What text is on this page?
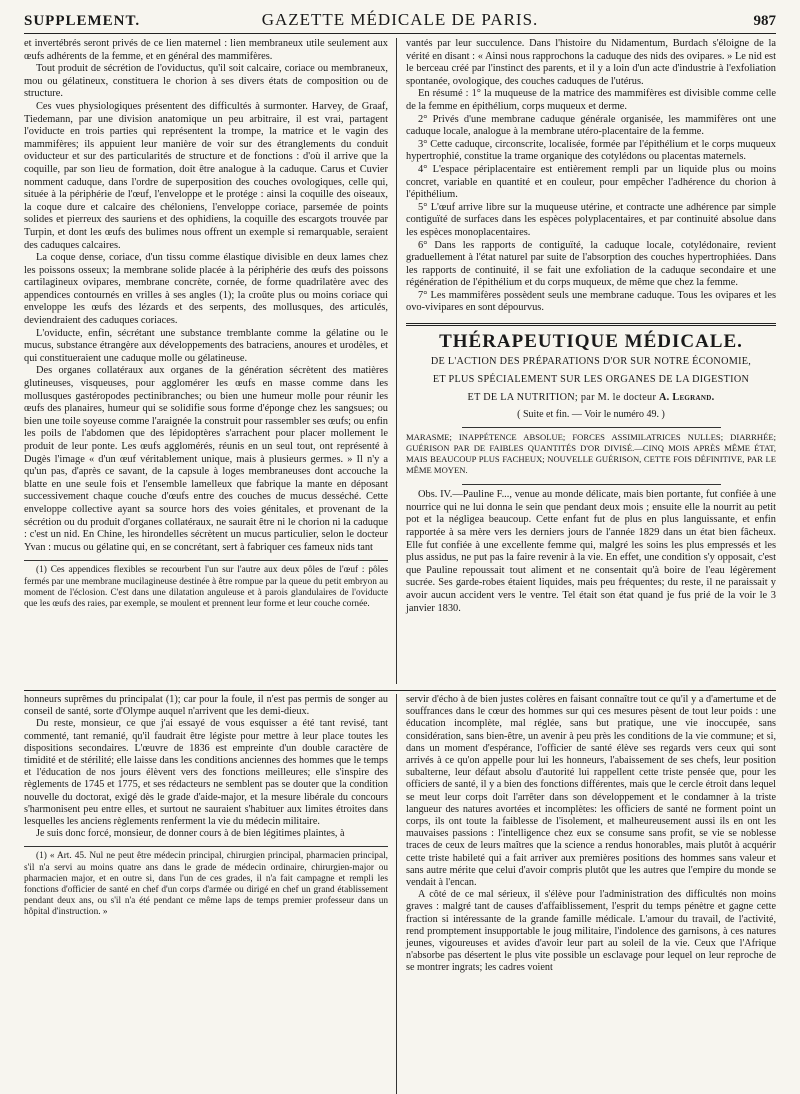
SUPPLEMENT.	GAZETTE MÉDICALE DE PARIS.	987

et invertébrés seront privés de ce lien maternel : lien membraneux utile seulement aux œufs adhérents de la femme, et en général des mammifères.

Tout produit de sécrétion de l'oviductus, qu'il soit calcaire, coriace ou membraneux, mou ou gélatineux, constituera le chorion à ses divers états de composition ou de structure.

Ces vues physiologiques présentent des difficultés à surmonter. Harvey, de Graaf, Tiedemann, par une division anatomique un peu arbitraire, il est vrai, partagent l'oviducte en trois parties qui représentent la trompe, la matrice et le vagin des mammifères; ils appuient leur manière de voir sur des étranglements du conduit oviducteur et sur des particularités de structure et de fonctions : d'où il arrive que la coquille, par son lieu de formation, doit être analogue à la caduque. Carus et Cuvier nomment caduque, dans l'ordre de superposition des couches ovologiques, celle qui, située à la périphérie de l'œuf, l'enveloppe et le protége : ainsi la coquille des oiseaux, la coque dure et calcaire des chéloniens, l'enveloppe coriace, parsemée de points solides et pierreux des sauriens et des ophidiens, la coquille des escargots trouvée par Turpin, et dont les œufs des bulimes nous offrent un exemple si remarquable, seraient des caduques calcaires.

La coque dense, coriace, d'un tissu comme élastique divisible en deux lames chez les poissons osseux; la membrane solide placée à la périphérie des œufs des poissons cartilagineux ovipares, membrane concrète, cornée, de forme quadrilatère avec des appendices contournés en vrilles à ses angles (1); la croûte plus ou moins coriace qui enveloppe les œufs des lézards et des serpents, des mollusques, des articulés, deviendraient des caduques coriaces.

L'oviducte, enfin, sécrétant une substance tremblante comme la gélatine ou le mucus, substance étrangère aux développements des batraciens, anoures et urodèles, et qui constitueraient une caduque molle ou gélatineuse.

Des organes collatéraux aux organes de la génération sécrètent des matières glutineuses, visqueuses, pour agglomérer les œufs en masse comme dans les mollusques gastéropodes pectinibranches; ou bien une humeur molle pour réunir les œufs des planaires, humeur qui se solidifie sous forme d'éponge chez les sangsues; ou bien une toile soyeuse comme l'araignée la construit pour rassembler ses œufs; ou enfin les poils de l'abdomen que des lépidoptères s'arrachent pour placer mollement le produit de leur ponte. Les œufs agglomérés, réunis en un seul tout, ont représenté à Dugès l'image « d'un œuf véritablement unique, mais à plusieurs germes. » Il n'y a qu'un pas, d'après ce savant, de la capsule à loges membraneuses dont accouche la blatte en une seule fois et l'ensemble lamelleux que fabrique la mante en déposant successivement chaque couche d'œufs entre des couches de mucus desséché. Cette enveloppe collective ayant sa source hors des voies génitales, et provenant de la sécrétion ou du produit d'organes collatéraux, ne saurait être ni le chorion ni la caduque : c'est un nid. En Chine, les hirondelles sécrètent un mucus particulier, selon le docteur Yvan : mucus ou gélatine qui, en se concrétant, sert à fabriquer ces fameux nids tant

(1) Ces appendices flexibles se recourbent l'un sur l'autre aux deux pôles de l'œuf : pôles fermés par une membrane mucilagineuse destinée à être rompue par la queue du petit embryon au moment de l'éclosion. C'est dans une dilatation anguleuse et à parois glandulaires de l'oviducte que les œufs des raies, par exemple, se moulent et prennent leur forme et leur couche cornée.

vantés par leur succulence. Dans l'histoire du Nidamentum, Burdach s'éloigne de la vérité en disant : « Ainsi nous rapprochons la caduque des nids des ovipares. » Le nid est le berceau créé par l'instinct des parents, et il y a loin d'un acte d'industrie à l'exfoliation spontanée, ovologique, des couches caduques de l'utérus.

En résumé : 1° la muqueuse de la matrice des mammifères est divisible comme celle de la femme en épithélium, corps muqueux et derme.

2° Privés d'une membrane caduque générale organisée, les mammifères ont une caduque locale, analogue à la membrane utéro-placentaire de la femme.

3° Cette caduque, circonscrite, localisée, formée par l'épithélium et le corps muqueux hypertrophié, constitue la trame organique des cotylédons ou placentas maternels.

4° L'espace périplacentaire est entièrement rempli par un liquide plus ou moins concret, variable en quantité et en couleur, pour empêcher l'adhérence du chorion à l'épithélium.

5° L'œuf arrive libre sur la muqueuse utérine, et contracte une adhérence par simple contiguïté de surfaces dans les espèces polyplacentaires, et par continuité absolue dans les espèces monoplacentaires.

6° Dans les rapports de contiguïté, la caduque locale, cotylédonaire, revient graduellement à l'état naturel par suite de l'absorption des couches hypertrophiées. Dans les rapports de continuité, il se fait une exfoliation de la caduque secondaire et une régénération de l'épithélium et du corps muqueux, de même que chez la femme.

7° Les mammifères possèdent seuls une membrane caduque. Tous les ovipares et les ovo-vivipares en sont dépourvus.

THÉRAPEUTIQUE MÉDICALE.
DE L'ACTION DES PRÉPARATIONS D'OR SUR NOTRE ÉCONOMIE,
ET PLUS SPÉCIALEMENT SUR LES ORGANES DE LA DIGESTION
ET DE LA NUTRITION; par M. le docteur A. Legrand.
( Suite et fin. — Voir le numéro 49. )
MARASME; INAPPÉTENCE ABSOLUE; FORCES ASSIMILATRICES NULLES; DIARRHÉE; GUÉRISON PAR DE FAIBLES QUANTITÉS D'OR DIVISÉ.—CINQ MOIS APRÈS MÊME ÉTAT, MAIS BEAUCOUP PLUS FACHEUX; NOUVELLE GUÉRISON, CETTE FOIS DÉFINITIVE, PAR LE MÊME MOYEN.

Obs. IV.—Pauline F..., venue au monde délicate, mais bien portante, fut confiée à une nourrice qui ne lui donna le sein que pendant deux mois ; ensuite elle la nourrit au petit pot et la négligea beaucoup. Cette enfant fut de plus en plus languissante, et enfin rapportée à sa mère vers les derniers jours de l'année 1829 dans un état bien fâcheux. Elle fut confiée à une excellente femme qui, malgré les soins les plus empressés et les plus assidus, ne put pas la faire revenir à la vie. En effet, une condition s'y opposait, c'est que Pauline repoussait tout aliment et ne consentait qu'à boire de l'eau légèrement sucrée. Ses garde-robes étaient liquides, mais peu fréquentes; du reste, il ne paraissait y avoir aucun accident vers le ventre. Tel était son état quand je fus prié de la voir le 3 janvier 1830.

honneurs suprêmes du principalat (1); car pour la foule, il n'est pas permis de songer au conseil de santé, sorte d'Olympe auquel n'arrivent que les demi-dieux.

Du reste, monsieur, ce que j'ai essayé de vous esquisser a été tant revisé, tant commenté, tant remanié, qu'il faudrait être légiste pour mettre à leur place toutes les dispositions secondaires. L'œuvre de 1836 est empreinte d'un double caractère de timidité et de stérilité; elle laisse dans les conditions anciennes des hommes que le temps et l'éducation de nos jours élèvent vers des fonctions meilleures; elle s'inspire des règlements de 1745 et 1775, et ses rédacteurs ne semblent pas se douter que la condition nouvelle du doctorat, exigé dès le grade d'aide-major, et la mesure libérale du concours s'harmonisent peu entre elles, et surtout ne sauraient s'habituer aux limites étroites dans lesquelles les anciens règlements renferment la vie du médecin militaire.

Je suis donc forcé, monsieur, de donner cours à de bien légitimes plaintes, à

(1) « Art. 45. Nul ne peut être médecin principal, chirurgien principal, pharmacien principal, s'il n'a servi au moins quatre ans dans le grade de médecin ordinaire, chirurgien-major ou pharmacien major, et en outre si, dans l'un de ces grades, il n'a fait campagne et rempli les fonctions d'officier de santé en chef d'un corps d'armée ou dirigé en chef un grand établissement pendant deux ans, ou s'il n'a été pendant ce même laps de temps premier professeur dans un hôpital d'instruction. »

servir d'écho à de bien justes colères en faisant connaître tout ce qu'il y a d'amertume et de souffrances dans le cœur des hommes sur qui ces mesures pèsent de tout leur poids : une éducation incomplète, mal réglée, sans but pratique, une vie inoccupée, sans considération, sans bien-être, un avenir à peu près les conditions de la vie commune; et si, dans un moment d'espérance, l'officier de santé élève ses regards vers ceux qui sont arrivés à ce qu'on appelle pour lui les honneurs, l'abaissement de ses chefs, leur position subalterne, leur défaut absolu d'autorité lui rappellent cette triste pensée que, pour les officiers de santé, il y a bien des fonctions différentes, mais que le cercle étroit dans lequel se meut leur corps doit l'arrêter dans son développement et le condamner à la triste langueur des natures avortées et incomplètes: les officiers de santé ne forment point un corps, ils ont toute la faiblesse de l'isolement, et malheureusement aussi ils en ont les mauvaises passions : l'intelligence chez eux se consume sans profit, se vie se noblesse traces de ceux de leurs maîtres que la science a rendus honorables, mais plutôt à acquérir cette triste habileté qui a fait arriver aux premières positions des hommes sans valeur et sans autre mérite que celui d'avoir compris plutôt que les autres que l'empire du monde se vendait à l'encan.

A côté de ce mal sérieux, il s'élève pour l'administration des difficultés non moins graves : malgré tant de causes d'affaiblissement, l'esprit du temps pénètre et gagne cette fraction si intéressante de la grande famille médicale. L'amour du travail, de l'activité, rend promptement insupportable le joug militaire, l'indolence des garnisons, à ces natures jeunes, vigoureuses et avides d'avoir leur part au soleil de la vie. Ceux que l'Afrique n'absorbe pas désertent le plus vite possible un esclavage pour lequel on leur reproche de se montrer ingrats; les cadres voient
